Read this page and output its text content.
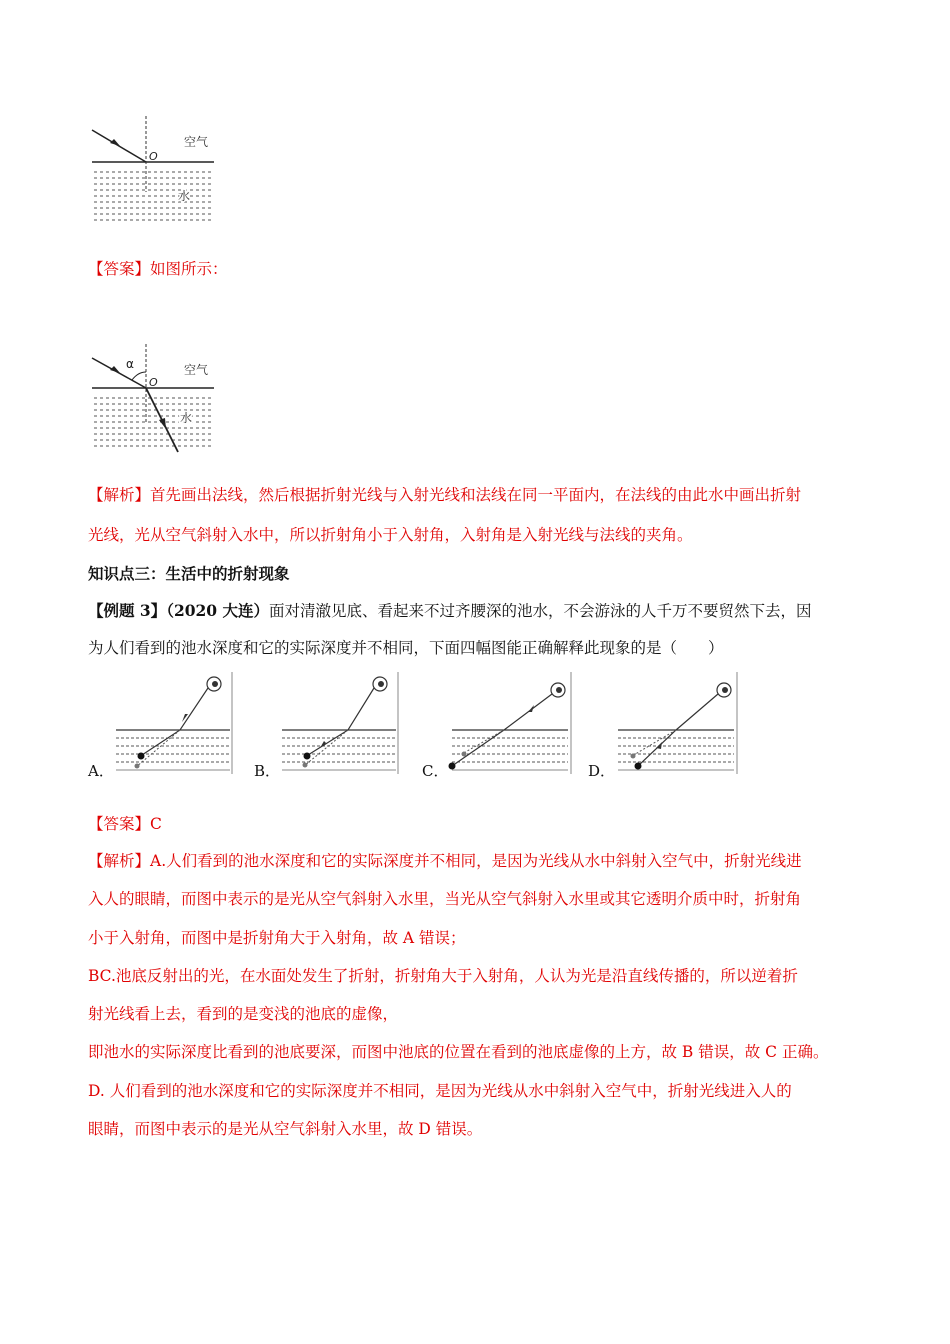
O
空气
水
【答案】如图所示：
α
O
空气
水
【解析】首先画出法线，然后根据折射光线与入射光线和法线在同一平面内，在法线的由此水中画出折射
光线，光从空气斜射入水中，所以折射角小于入射角，入射角是入射光线与法线的夹角。
知识点三：生活中的折射现象
【例题 3】（2020 大连）面对清澈见底、看起来不过齐腰深的池水，不会游泳的人千万不要贸然下去，因
为人们看到的池水深度和它的实际深度并不相同，下面四幅图能正确解释此现象的是（　　）
A．	B．	C．	D．
【答案】C
【解析】A.人们看到的池水深度和它的实际深度并不相同，是因为光线从水中斜射入空气中，折射光线进
入人的眼睛，而图中表示的是光从空气斜射入水里，当光从空气斜射入水里或其它透明介质中时，折射角
小于入射角，而图中是折射角大于入射角，故 A 错误；
BC.池底反射出的光，在水面处发生了折射，折射角大于入射角，人认为光是沿直线传播的，所以逆着折
射光线看上去，看到的是变浅的池底的虚像，
即池水的实际深度比看到的池底要深，而图中池底的位置在看到的池底虚像的上方，故 B 错误，故 C 正确。
D. 人们看到的池水深度和它的实际深度并不相同，是因为光线从水中斜射入空气中，折射光线进入人的
眼睛，而图中表示的是光从空气斜射入水里，故 D 错误。
